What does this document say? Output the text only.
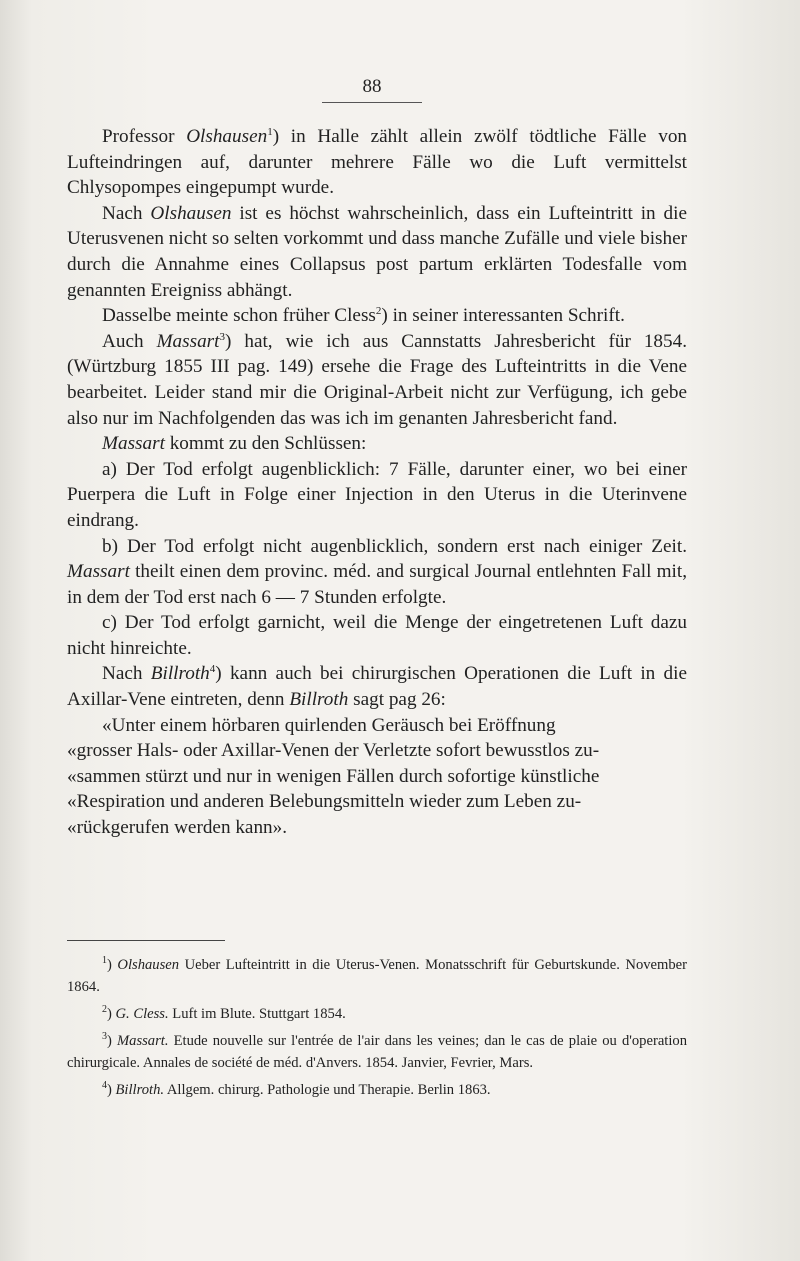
88

Professor Olshausen$^1$) in Halle zählt allein zwölf tödtliche Fälle von Lufteindringen auf, darunter mehrere Fälle wo die Luft vermittelst Chlysopompes eingepumpt wurde.

Nach Olshausen ist es höchst wahrscheinlich, dass ein Lufteintritt in die Uterusvenen nicht so selten vorkommt und dass manche Zufälle und viele bisher durch die Annahme eines Collapsus post partum erklärten Todesfalle vom genannten Ereigniss abhängt.

Dasselbe meinte schon früher Cless$^2$) in seiner interessanten Schrift.

Auch Massart$^3$) hat, wie ich aus Cannstatts Jahresbericht für 1854. (Würtzburg 1855 III pag. 149) ersehe die Frage des Lufteintritts in die Vene bearbeitet. Leider stand mir die Original-Arbeit nicht zur Verfügung, ich gebe also nur im Nachfolgenden das was ich im genanten Jahresbericht fand.

Massart kommt zu den Schlüssen:

a) Der Tod erfolgt augenblicklich: 7 Fälle, darunter einer, wo bei einer Puerpera die Luft in Folge einer Injection in den Uterus in die Uterinvene eindrang.

b) Der Tod erfolgt nicht augenblicklich, sondern erst nach einiger Zeit. Massart theilt einen dem provinc. méd. and surgical Journal entlehnten Fall mit, in dem der Tod erst nach 6 — 7 Stunden erfolgte.

c) Der Tod erfolgt garnicht, weil die Menge der eingetretenen Luft dazu nicht hinreichte.

Nach Billroth$^4$) kann auch bei chirurgischen Operationen die Luft in die Axillar-Vene eintreten, denn Billroth sagt pag 26:

«Unter einem hörbaren quirlenden Geräusch bei Eröffnung

«grosser Hals- oder Axillar-Venen der Verletzte sofort bewusstlos zu-

«sammen stürzt und nur in wenigen Fällen durch sofortige künstliche

«Respiration und anderen Belebungsmitteln wieder zum Leben zu-

«rückgerufen werden kann».

$^1$) Olshausen Ueber Lufteintritt in die Uterus-Venen. Monatsschrift für Geburtskunde. November 1864.

$^2$) G. Cless. Luft im Blute. Stuttgart 1854.

$^3$) Massart. Etude nouvelle sur l'entrée de l'air dans les veines; dan le cas de plaie ou d'operation chirurgicale. Annales de société de méd. d'Anvers. 1854. Janvier, Fevrier, Mars.

$^4$) Billroth. Allgem. chirurg. Pathologie und Therapie. Berlin 1863.
